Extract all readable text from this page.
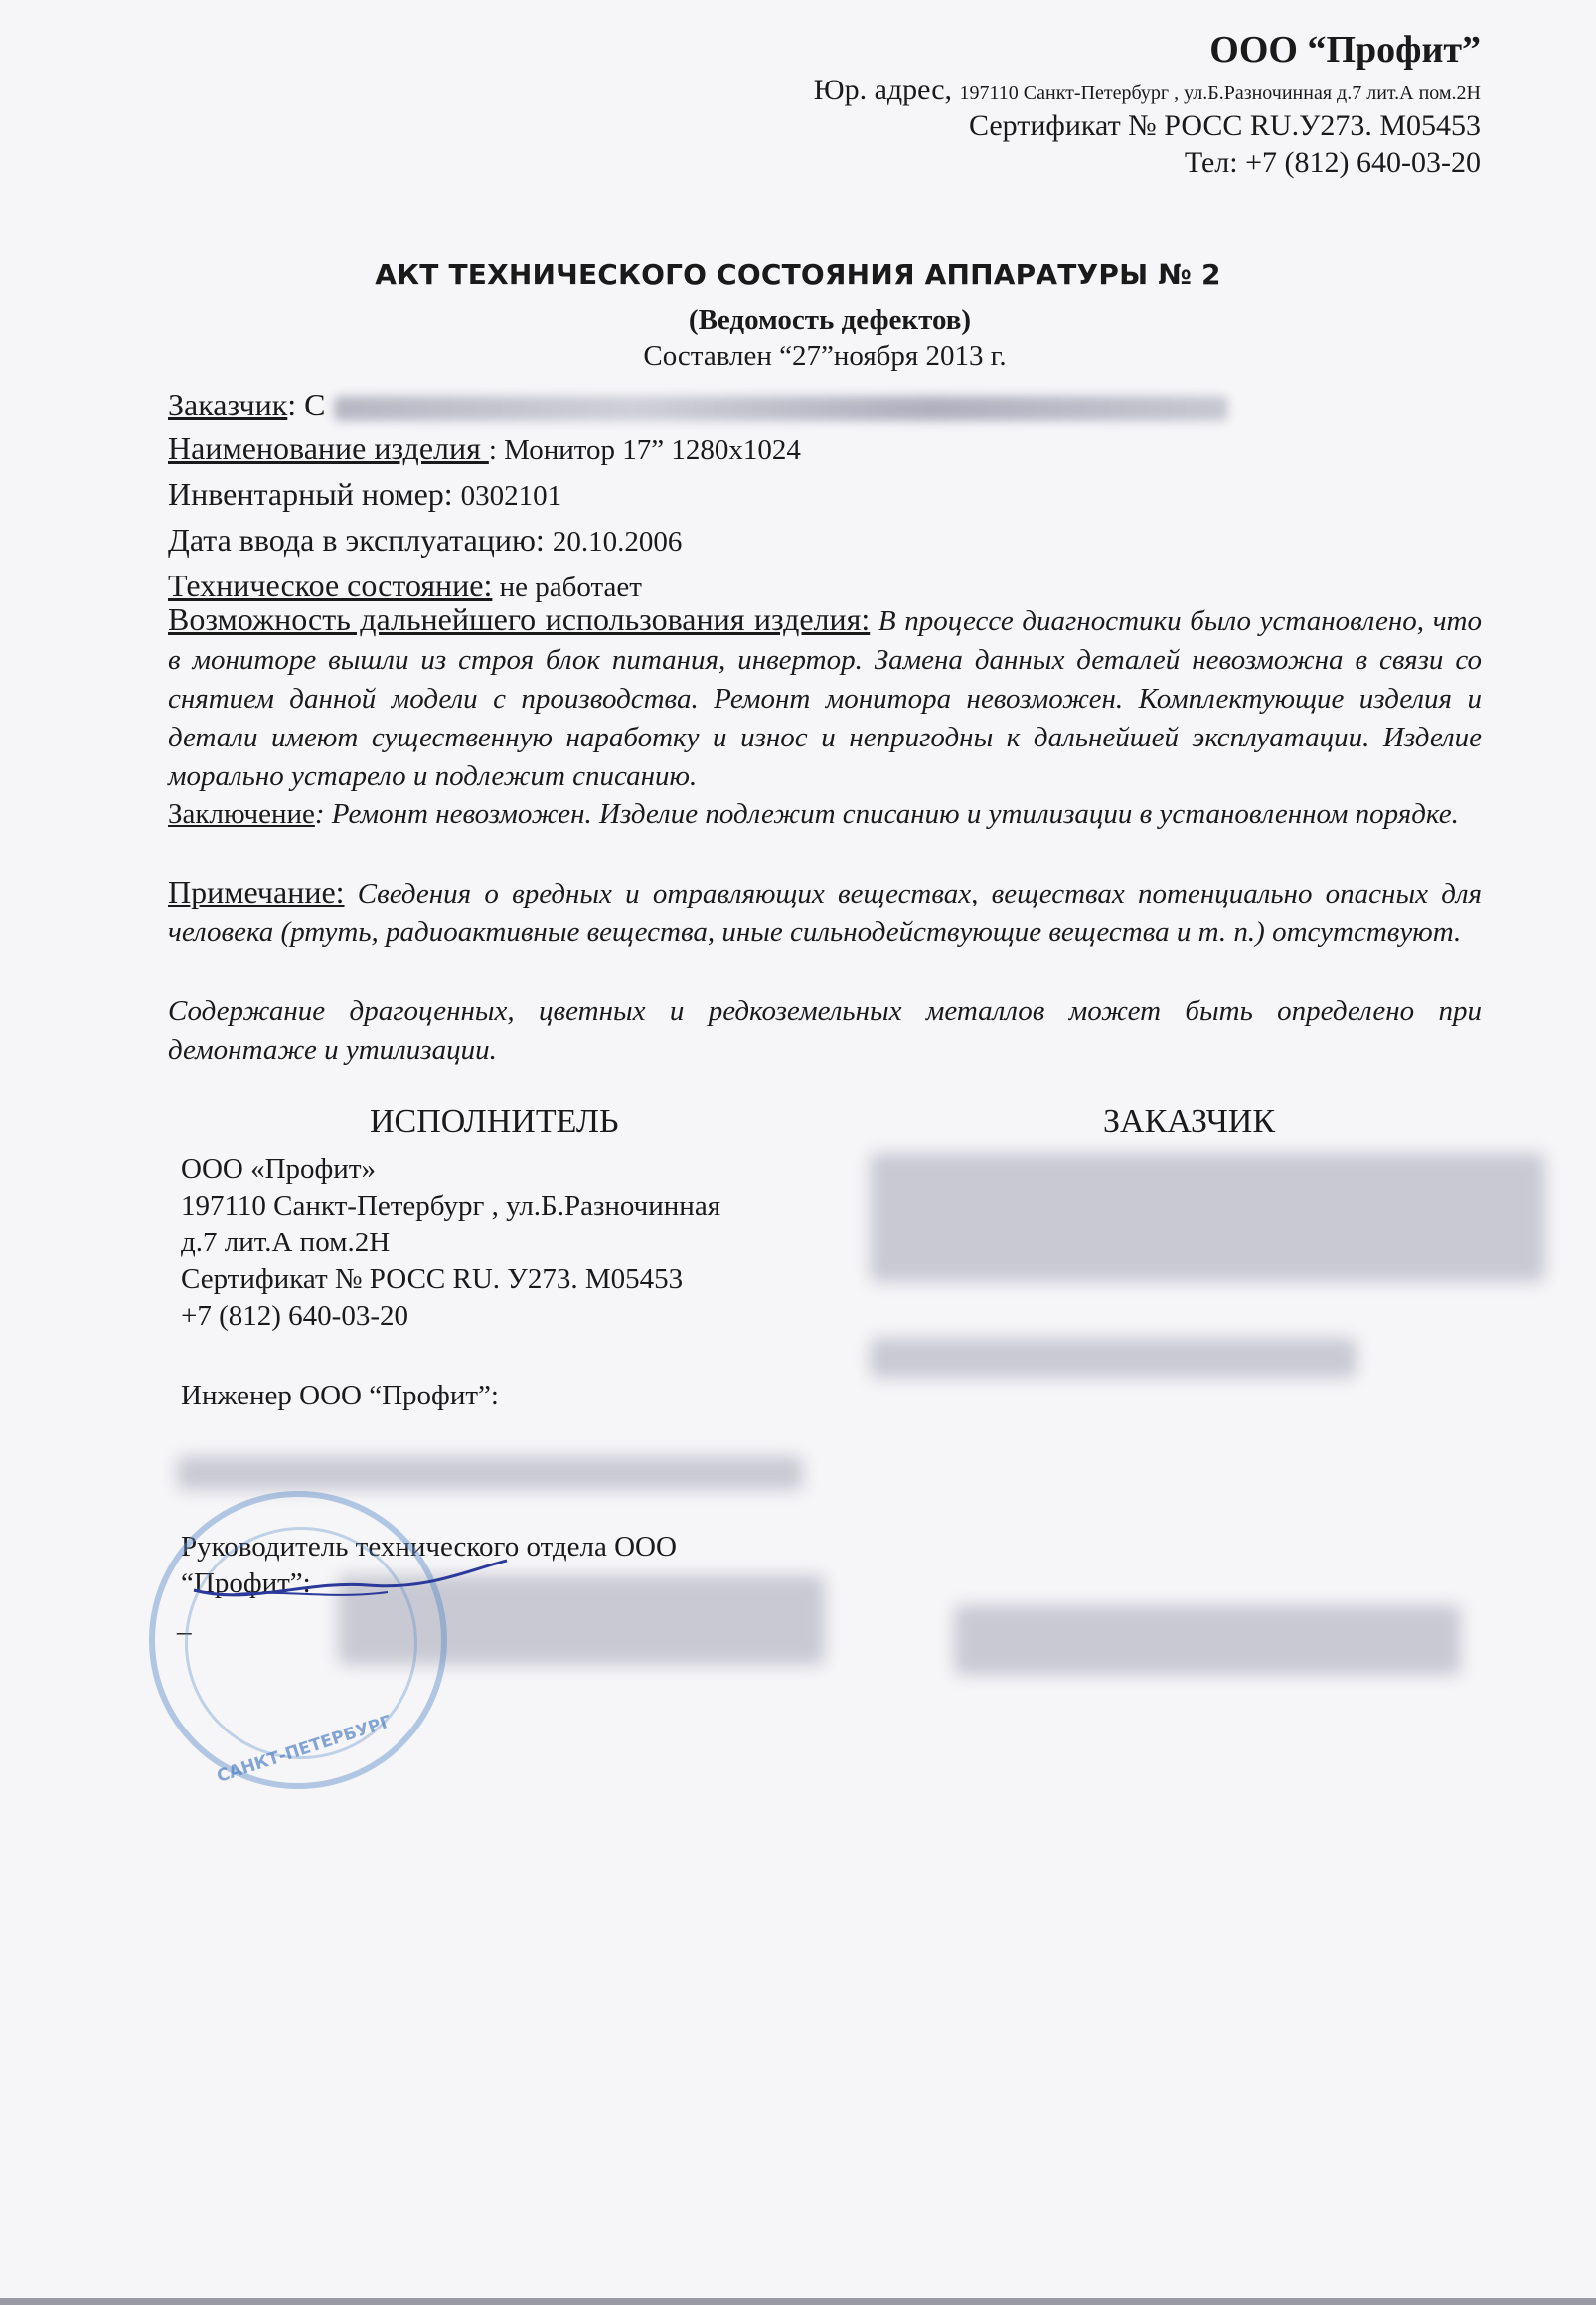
ООО “Профит”
Юр. адрес, 197110 Санкт-Петербург , ул.Б.Разночинная д.7 лит.А пом.2Н
Сертификат № РОСС RU.У273. М05453
Тел: +7 (812) 640-03-20
АКТ ТЕХНИЧЕСКОГО СОСТОЯНИЯ АППАРАТУРЫ № 2
(Ведомость дефектов)
Составлен “27”ноября 2013 г.
Заказчик: С
Наименование изделия : Монитор 17” 1280х1024
Инвентарный номер: 0302101
Дата ввода в эксплуатацию: 20.10.2006
Техническое состояние: не работает
Возможность дальнейшего использования изделия: В процессе диагностики было установлено, что в мониторе вышли из строя блок питания, инвертор. Замена данных деталей невозможна в связи со снятием данной модели с производства. Ремонт монитора невозможен. Комплектующие изделия и детали имеют существенную наработку и износ и непригодны к дальнейшей эксплуатации. Изделие морально устарело и подлежит списанию.
Заключение: Ремонт невозможен. Изделие подлежит списанию и утилизации в установленном порядке.
Примечание: Сведения о вредных и отравляющих веществах, веществах потенциально опасных для человека (ртуть, радиоактивные вещества, иные сильнодействующие вещества и т. п.) отсутствуют.
Содержание драгоценных, цветных и редкоземельных металлов может быть определено при демонтаже и утилизации.
ИСПОЛНИТЕЛЬ	ЗАКАЗЧИК
ООО «Профит»
197110 Санкт-Петербург , ул.Б.Разночинная
д.7 лит.А пом.2Н
Сертификат № РОСС RU. У273. М05453
+7 (812) 640-03-20
Инженер ООО “Профит”:
Руководитель технического отдела ООО
“Профит”:
_
САНКТ-ПЕТЕРБУРГ
